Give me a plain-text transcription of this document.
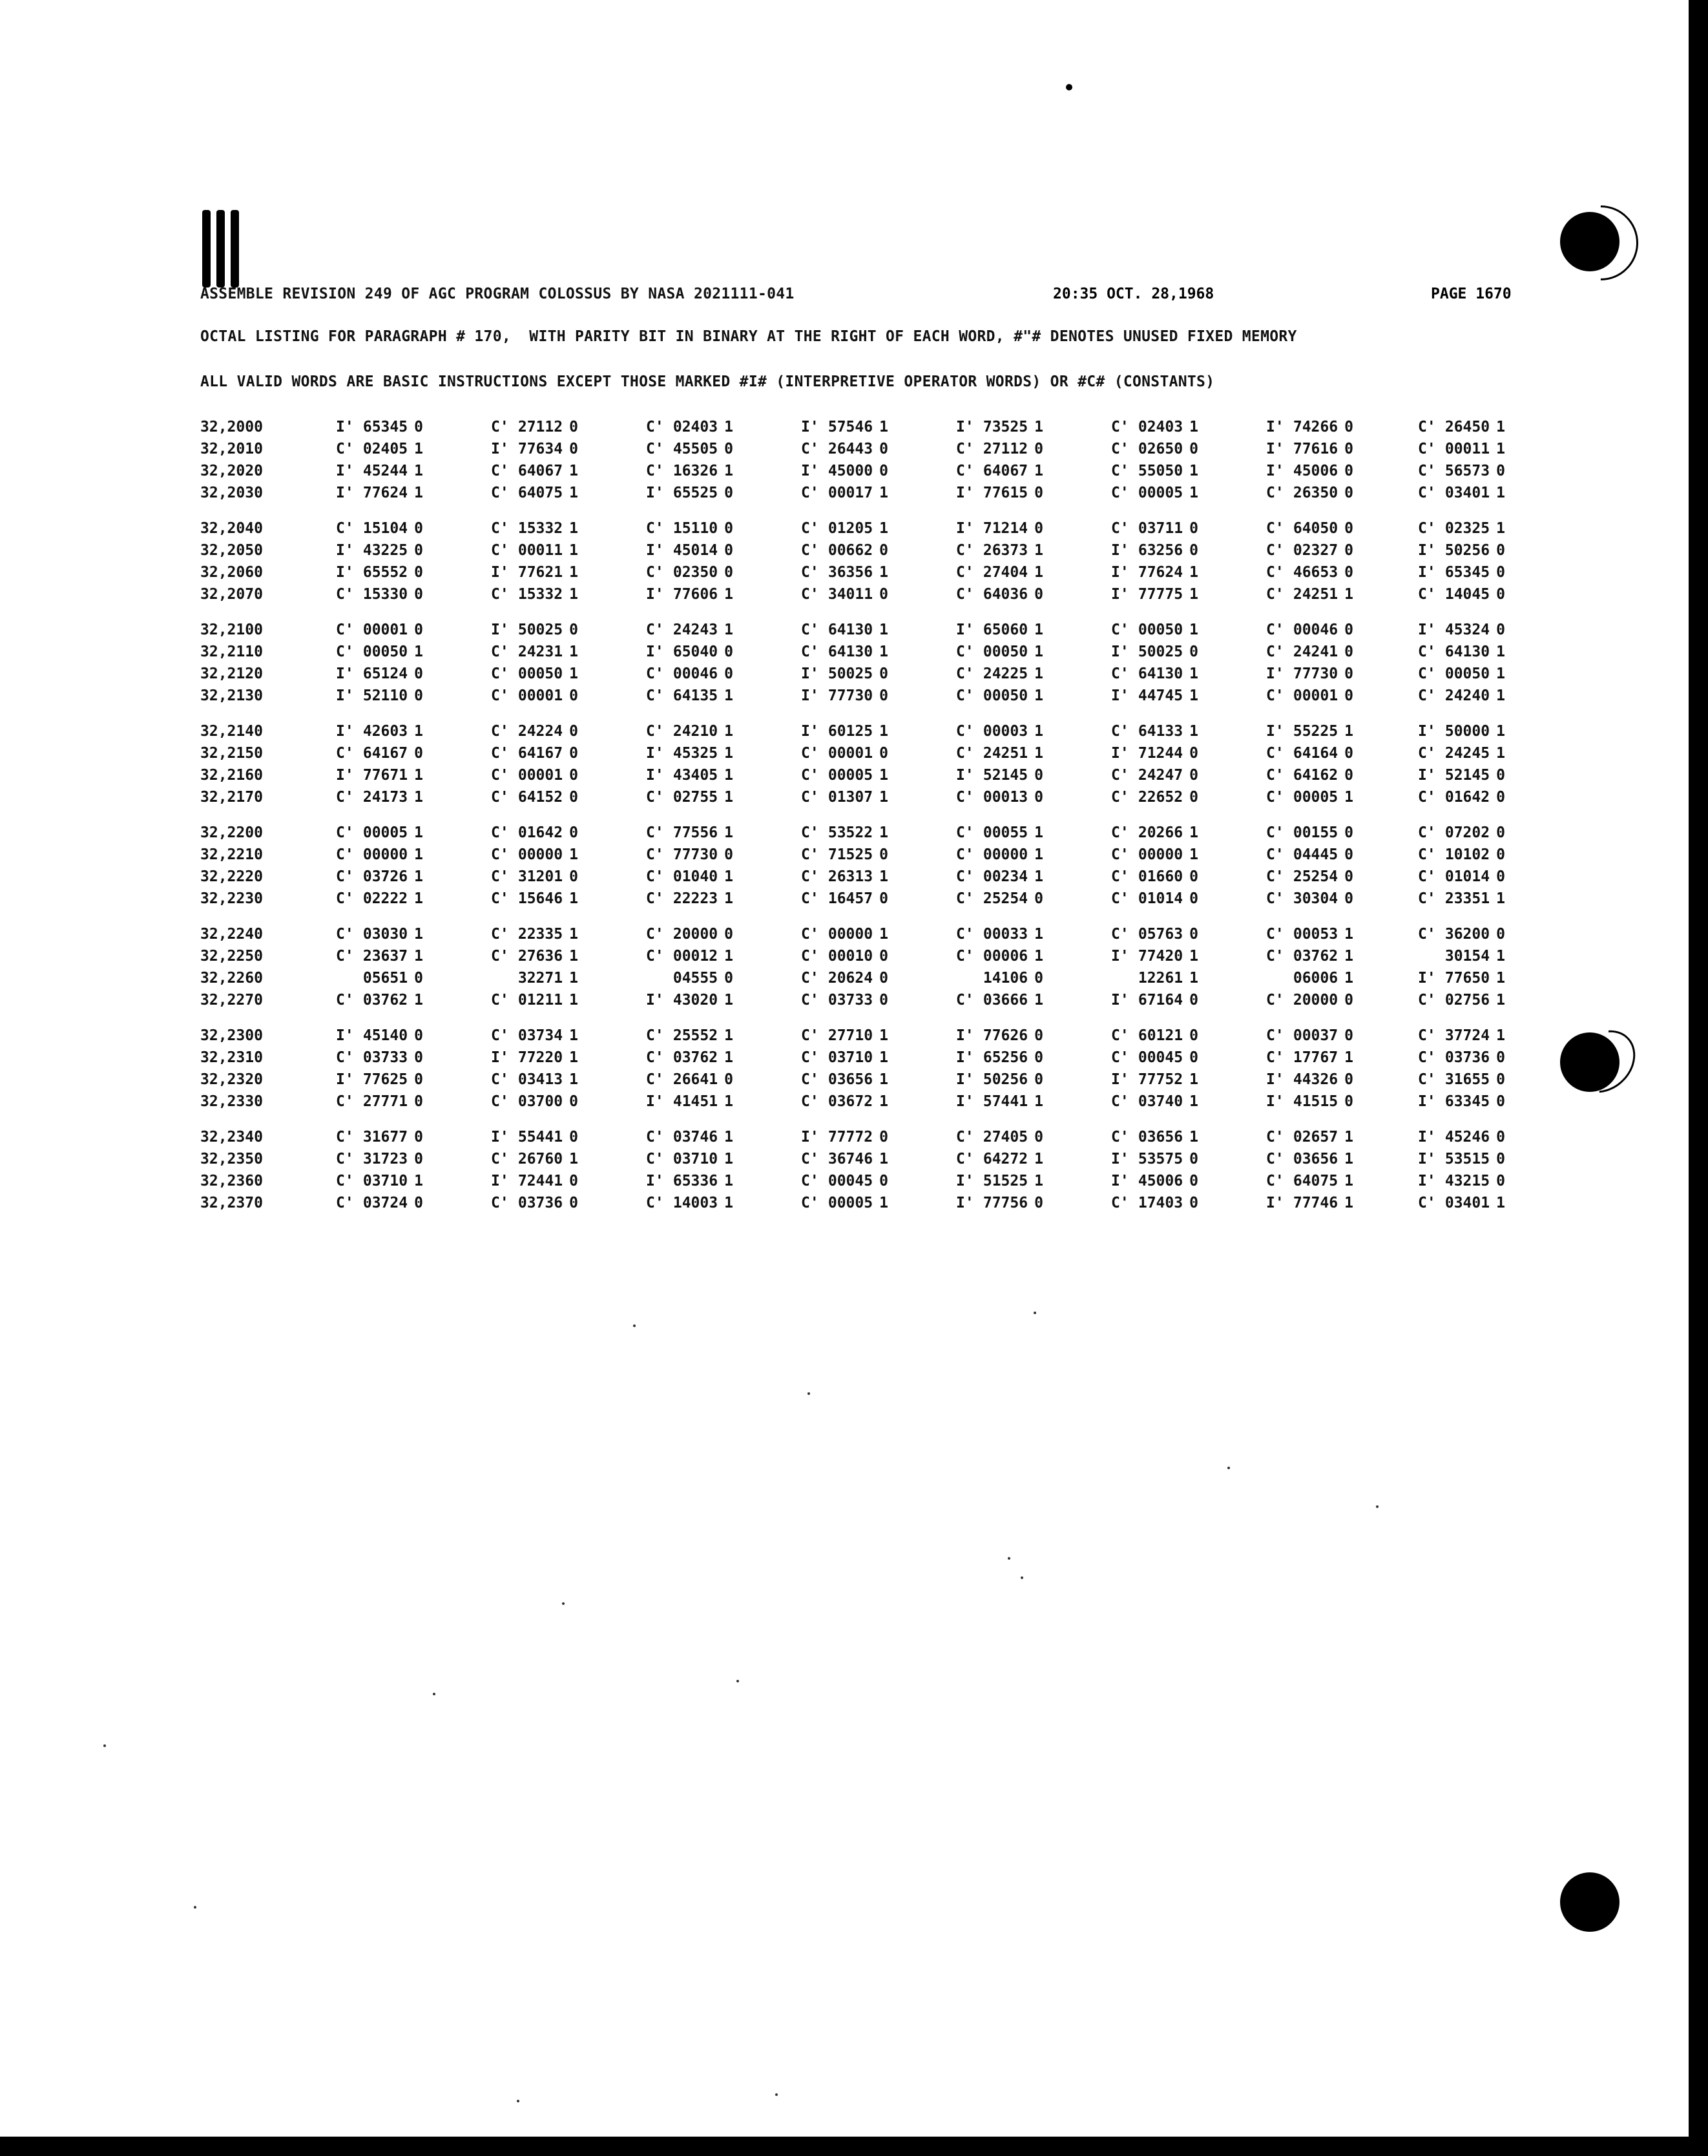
ASSEMBLE REVISION 249 OF AGC PROGRAM COLOSSUS BY NASA 2021111-041	20:35 OCT. 28,1968	PAGE 1670
OCTAL LISTING FOR PARAGRAPH # 170,  WITH PARITY BIT IN BINARY AT THE RIGHT OF EACH WORD, #"# DENOTES UNUSED FIXED MEMORY
ALL VALID WORDS ARE BASIC INSTRUCTIONS EXCEPT THOSE MARKED #I# (INTERPRETIVE OPERATOR WORDS) OR #C# (CONSTANTS)
32,2000	I' 65345 0	C' 27112 0	C' 02403 1	I' 57546 1	I' 73525 1	C' 02403 1	I' 74266 0	C' 26450 1
32,2010	C' 02405 1	I' 77634 0	C' 45505 0	C' 26443 0	C' 27112 0	C' 02650 0	I' 77616 0	C' 00011 1
32,2020	I' 45244 1	C' 64067 1	C' 16326 1	I' 45000 0	C' 64067 1	C' 55050 1	I' 45006 0	C' 56573 0
32,2030	I' 77624 1	C' 64075 1	I' 65525 0	C' 00017 1	I' 77615 0	C' 00005 1	C' 26350 0	C' 03401 1
32,2040	C' 15104 0	C' 15332 1	C' 15110 0	C' 01205 1	I' 71214 0	C' 03711 0	C' 64050 0	C' 02325 1
32,2050	I' 43225 0	C' 00011 1	I' 45014 0	C' 00662 0	C' 26373 1	I' 63256 0	C' 02327 0	I' 50256 0
32,2060	I' 65552 0	I' 77621 1	C' 02350 0	C' 36356 1	C' 27404 1	I' 77624 1	C' 46653 0	I' 65345 0
32,2070	C' 15330 0	C' 15332 1	I' 77606 1	C' 34011 0	C' 64036 0	I' 77775 1	C' 24251 1	C' 14045 0
32,2100	C' 00001 0	I' 50025 0	C' 24243 1	C' 64130 1	I' 65060 1	C' 00050 1	C' 00046 0	I' 45324 0
32,2110	C' 00050 1	C' 24231 1	I' 65040 0	C' 64130 1	C' 00050 1	I' 50025 0	C' 24241 0	C' 64130 1
32,2120	I' 65124 0	C' 00050 1	C' 00046 0	I' 50025 0	C' 24225 1	C' 64130 1	I' 77730 0	C' 00050 1
32,2130	I' 52110 0	C' 00001 0	C' 64135 1	I' 77730 0	C' 00050 1	I' 44745 1	C' 00001 0	C' 24240 1
32,2140	I' 42603 1	C' 24224 0	C' 24210 1	I' 60125 1	C' 00003 1	C' 64133 1	I' 55225 1	I' 50000 1
32,2150	C' 64167 0	C' 64167 0	I' 45325 1	C' 00001 0	C' 24251 1	I' 71244 0	C' 64164 0	C' 24245 1
32,2160	I' 77671 1	C' 00001 0	I' 43405 1	C' 00005 1	I' 52145 0	C' 24247 0	C' 64162 0	I' 52145 0
32,2170	C' 24173 1	C' 64152 0	C' 02755 1	C' 01307 1	C' 00013 0	C' 22652 0	C' 00005 1	C' 01642 0
32,2200	C' 00005 1	C' 01642 0	C' 77556 1	C' 53522 1	C' 00055 1	C' 20266 1	C' 00155 0	C' 07202 0
32,2210	C' 00000 1	C' 00000 1	C' 77730 0	C' 71525 0	C' 00000 1	C' 00000 1	C' 04445 0	C' 10102 0
32,2220	C' 03726 1	C' 31201 0	C' 01040 1	C' 26313 1	C' 00234 1	C' 01660 0	C' 25254 0	C' 01014 0
32,2230	C' 02222 1	C' 15646 1	C' 22223 1	C' 16457 0	C' 25254 0	C' 01014 0	C' 30304 0	C' 23351 1
32,2240	C' 03030 1	C' 22335 1	C' 20000 0	C' 00000 1	C' 00033 1	C' 05763 0	C' 00053 1	C' 36200 0
32,2250	C' 23637 1	C' 27636 1	C' 00012 1	C' 00010 0	C' 00006 1	I' 77420 1	C' 03762 1	30154 1
32,2260	05651 0	32271 1	04555 0	C' 20624 0	14106 0	12261 1	06006 1	I' 77650 1
32,2270	C' 03762 1	C' 01211 1	I' 43020 1	C' 03733 0	C' 03666 1	I' 67164 0	C' 20000 0	C' 02756 1
32,2300	I' 45140 0	C' 03734 1	C' 25552 1	C' 27710 1	I' 77626 0	C' 60121 0	C' 00037 0	C' 37724 1
32,2310	C' 03733 0	I' 77220 1	C' 03762 1	C' 03710 1	I' 65256 0	C' 00045 0	C' 17767 1	C' 03736 0
32,2320	I' 77625 0	C' 03413 1	C' 26641 0	C' 03656 1	I' 50256 0	I' 77752 1	I' 44326 0	C' 31655 0
32,2330	C' 27771 0	C' 03700 0	I' 41451 1	C' 03672 1	I' 57441 1	C' 03740 1	I' 41515 0	I' 63345 0
32,2340	C' 31677 0	I' 55441 0	C' 03746 1	I' 77772 0	C' 27405 0	C' 03656 1	C' 02657 1	I' 45246 0
32,2350	C' 31723 0	C' 26760 1	C' 03710 1	C' 36746 1	C' 64272 1	I' 53575 0	C' 03656 1	I' 53515 0
32,2360	C' 03710 1	I' 72441 0	I' 65336 1	C' 00045 0	I' 51525 1	I' 45006 0	C' 64075 1	I' 43215 0
32,2370	C' 03724 0	C' 03736 0	C' 14003 1	C' 00005 1	I' 77756 0	C' 17403 0	I' 77746 1	C' 03401 1
